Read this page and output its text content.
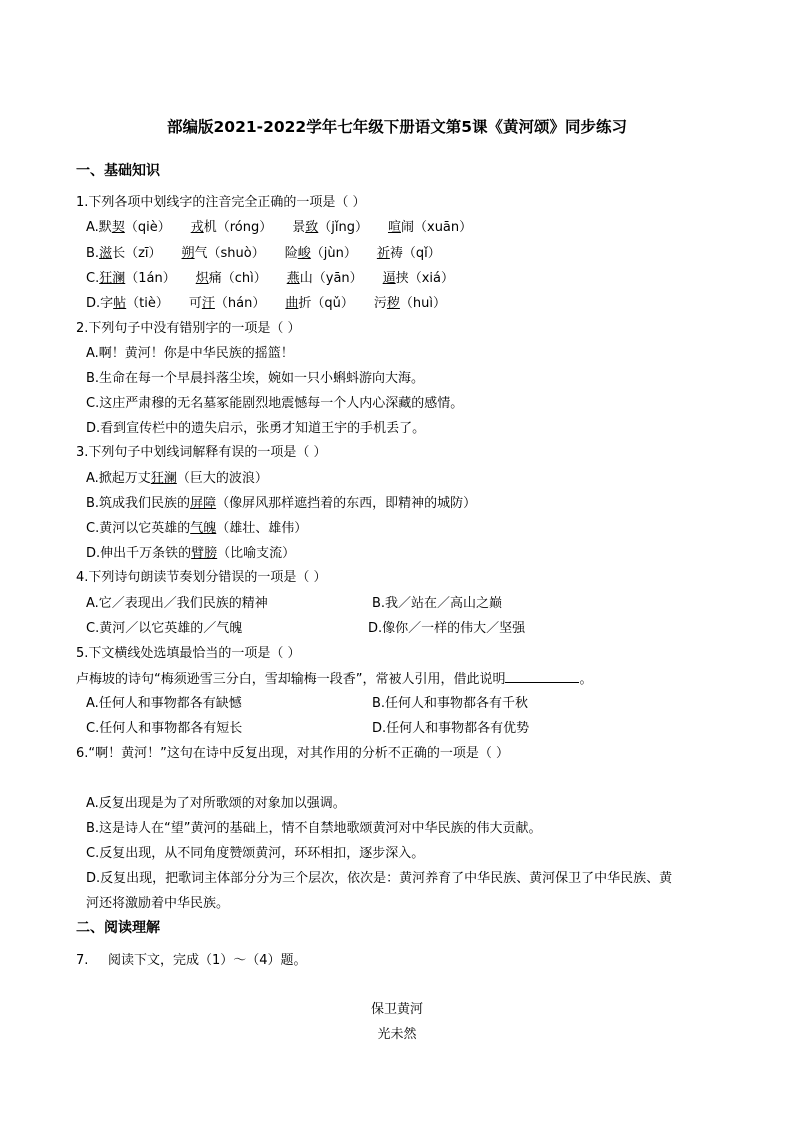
部编版2021-2022学年七年级下册语文第5课《黄河颂》同步练习
一、基础知识
1.下列各项中划线字的注音完全正确的一项是（ ）
A.默契（qiè） 戎机（róng） 景致（jǐng） 喧闹（xuān）
B.滋长（zī） 朔气（shuò） 险峻（jùn） 祈祷（qǐ）
C.狂澜（1án） 炽痛（chì） 燕山（yān） 逼挟（xiá）
D.字帖（tiè） 可汗（hán） 曲折（qǔ） 污秽（huì）
2.下列句子中没有错别字的一项是（ ）
A.啊！黄河！你是中华民族的摇篮！
B.生命在每一个早晨抖落尘埃，婉如一只小蝌蚪游向大海。
C.这庄严肃穆的无名墓冢能剧烈地震憾每一个人内心深藏的感情。
D.看到宣传栏中的遗失启示，张勇才知道王宇的手机丢了。
3.下列句子中划线词解释有误的一项是（ ）
A.掀起万丈狂澜（巨大的波浪）
B.筑成我们民族的屏障（像屏风那样遮挡着的东西，即精神的城防）
C.黄河以它英雄的气魄（雄壮、雄伟）
D.伸出千万条铁的臂膀（比喻支流）
4.下列诗句朗读节奏划分错误的一项是（ ）
A.它／表现出／我们民族的精神	B.我／站在／高山之巅
C.黄河／以它英雄的／气魄	D.像你／一样的伟大／坚强
5.下文横线处选填最恰当的一项是（ ）
卢梅坡的诗句“梅须逊雪三分白，雪却输梅一段香”，常被人引用，借此说明	。
A.任何人和事物都各有缺憾	B.任何人和事物都各有千秋
C.任何人和事物都各有短长	D.任何人和事物都各有优势
6.“啊！黄河！”这句在诗中反复出现，对其作用的分析不正确的一项是（ ）
A.反复出现是为了对所歌颂的对象加以强调。
B.这是诗人在“望”黄河的基础上，情不自禁地歌颂黄河对中华民族的伟大贡献。
C.反复出现，从不同角度赞颂黄河，环环相扣，逐步深入。
D.反复出现，把歌词主体部分分为三个层次，依次是：黄河养育了中华民族、黄河保卫了中华民族、黄
河还将激励着中华民族。
二、阅读理解
7. 阅读下文，完成（1）～（4）题。
保卫黄河
光未然
